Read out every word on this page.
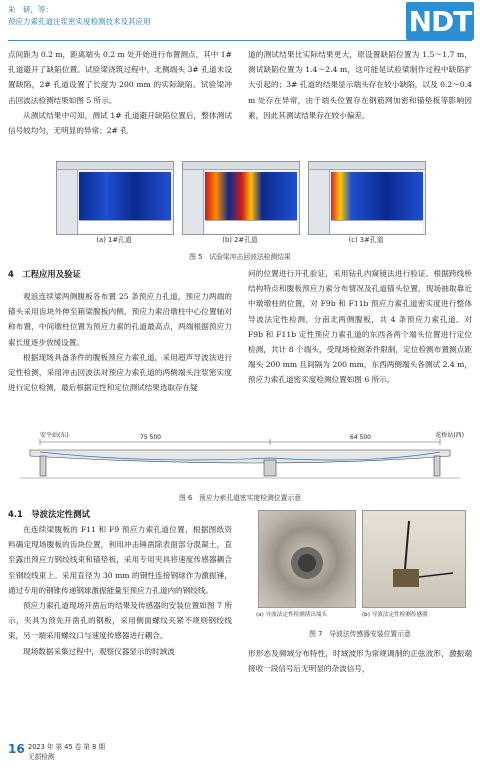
朱　研，等：
预应力索孔道注浆密实度检测技术及其应用	NDT

点间距为 0.2 m，距离端头 0.2 m 处开始进行布置测点，其中 1# 孔道避开了缺陷位置。试验梁浇筑过程中，北侧端头 3# 孔道未设置缺陷，2# 孔道设置了长度为 200 mm 的实际缺陷。试验梁冲击回波法检测结果如图 5 所示。

从测试结果中可知，测试 1# 孔道避开缺陷位置后，整体测试信号较均匀，无明显的异常；2# 孔

道的测试结果比实际结果更大，原设置缺陷位置为 1.5～1.7 m，测试缺陷位置为 1.4～2.4 m，这可能是试验梁制作过程中缺陷扩大引起的；3# 孔道的结果显示端头存在较小缺陷，以及 0.2～0.4 m 处存在异常，由于端头位置存在钢筋网加密和锚垫板等影响因素，因此其测试结果存在较小偏差。

(a) 1#孔道	(b) 2#孔道	(c) 3#孔道
图 5　试验梁冲击回波法检测结果
4　工程应用及验证

观浪连续梁两侧腹板各布置 25 条预应力孔道，预应力两端的锚头采用齿块外伸至箱梁腹板内侧，预应力索沿墩柱中心位置轴对称布置，中间墩柱位置为预应力索的孔道最高点，两端根据预应力索长度逐步放缓设置。

根据现场具备条件的腹板预应力索孔道，采用超声导波法进行定性检测，采用冲击回波法对预应力索孔道的两侧端头注浆密实度进行定位检测，最后根据定性和定位测试结果选取存在疑

问的位置进行开孔验证，采用钻孔内窥镜法进行验证。根据跨线桥结构特点和腹板预应力索分布情况及孔道锚头位置，现场抽取靠近中墩墩柱的位置，对 F9b 和 F11b 预应力索孔道密实度进行整体导波法定性检测，分南北两侧腹板，共 4 条预应力索孔道。对 F9b 和 F11b 定性预应力索孔道的东西各两个端头位置进行定位检测，共计 8 个端头，受现场检测条件限制，定位检测布置测点距端头 200 mm 且间隔为 200 mm，东西两侧端头各测试 2.4 m，预应力索孔道密实度检测位置如图 6 所示。

安平站(东)	花桥站(西)
75 500	64 500
图 6　预应力索孔道密实度检测位置示意
4.1　导波法定性测试

在连续梁腹板的 F11 和 F9 预应力索孔道位置，根据图纸资料确定现场腹板的齿块位置，利用冲击锤凿除表面部分混凝土，直至露出预应力钢绞线束和锚垫板，采用专用夹具将速度传感器耦合至钢绞线束上。采用直径为 30 mm 的钢性连接钢球作为激振锤，通过专用的钢锥传递钢球激振能量至预应力孔道内的钢绞线。

预应力索孔道现场开凿后的结果及传感器的安装位置如图 7 所示，夹具为预先开凿孔的钢板，采用侧面螺纹夹紧不规则钢绞线束，另一端采用螺纹口与速度传感器进行耦合。

现场数据采集过程中，观察仪器显示的时域波

(a) 导波法定性检测凿出端头	(b) 导波法定性检测传感器
图 7　导波法传感器安装位置示意

形形态及频域分布特性，时域波形为常规调制的正弦波形，激振端接收一段信号后无明显的杂波信号，

16 2023 年 第 45 卷 第 8 期
无损检测
